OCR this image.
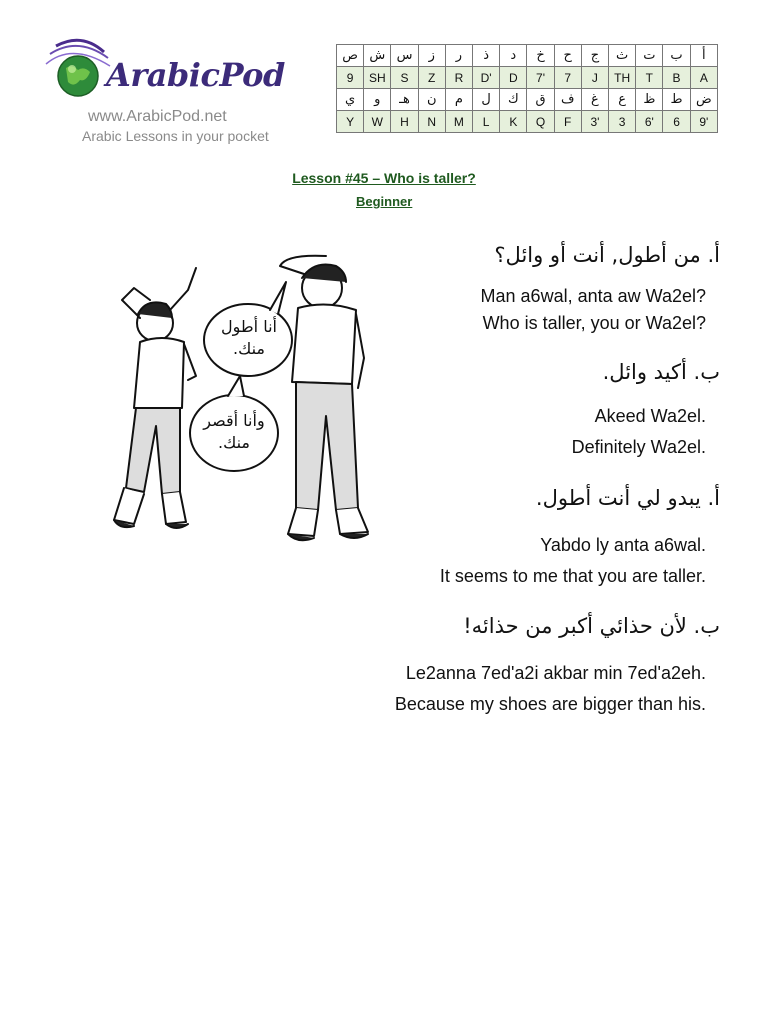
ArabicPod
www.ArabicPod.net
Arabic Lessons in your pocket
ص	ش	س	ز	ر	ذ	د	خ	ح	ج	ث	ت	ب	أ
9	SH	S	Z	R	D'	D	7'	7	J	TH	T	B	A
ي	و	هـ	ن	م	ل	ك	ق	ف	غ	ع	ظ	ط	ض
Y	W	H	N	M	L	K	Q	F	3'	3	6'	6	9'
Lesson #45 – Who is taller?
Beginner
أنا أطول
منك.
وأنا أقصر
منك.
أ. من أطول, أنت أو وائل؟
Man a6wal, anta aw Wa2el?
Who is taller, you or Wa2el?
ب. أكيد وائل.
Akeed Wa2el.
Definitely Wa2el.
أ. يبدو لي أنت أطول.
Yabdo ly anta a6wal.
It seems to me that you are taller.
ب. لأن حذائي أكبر من حذائه!
Le2anna 7ed'a2i akbar min 7ed'a2eh.
Because my shoes are bigger than his.
